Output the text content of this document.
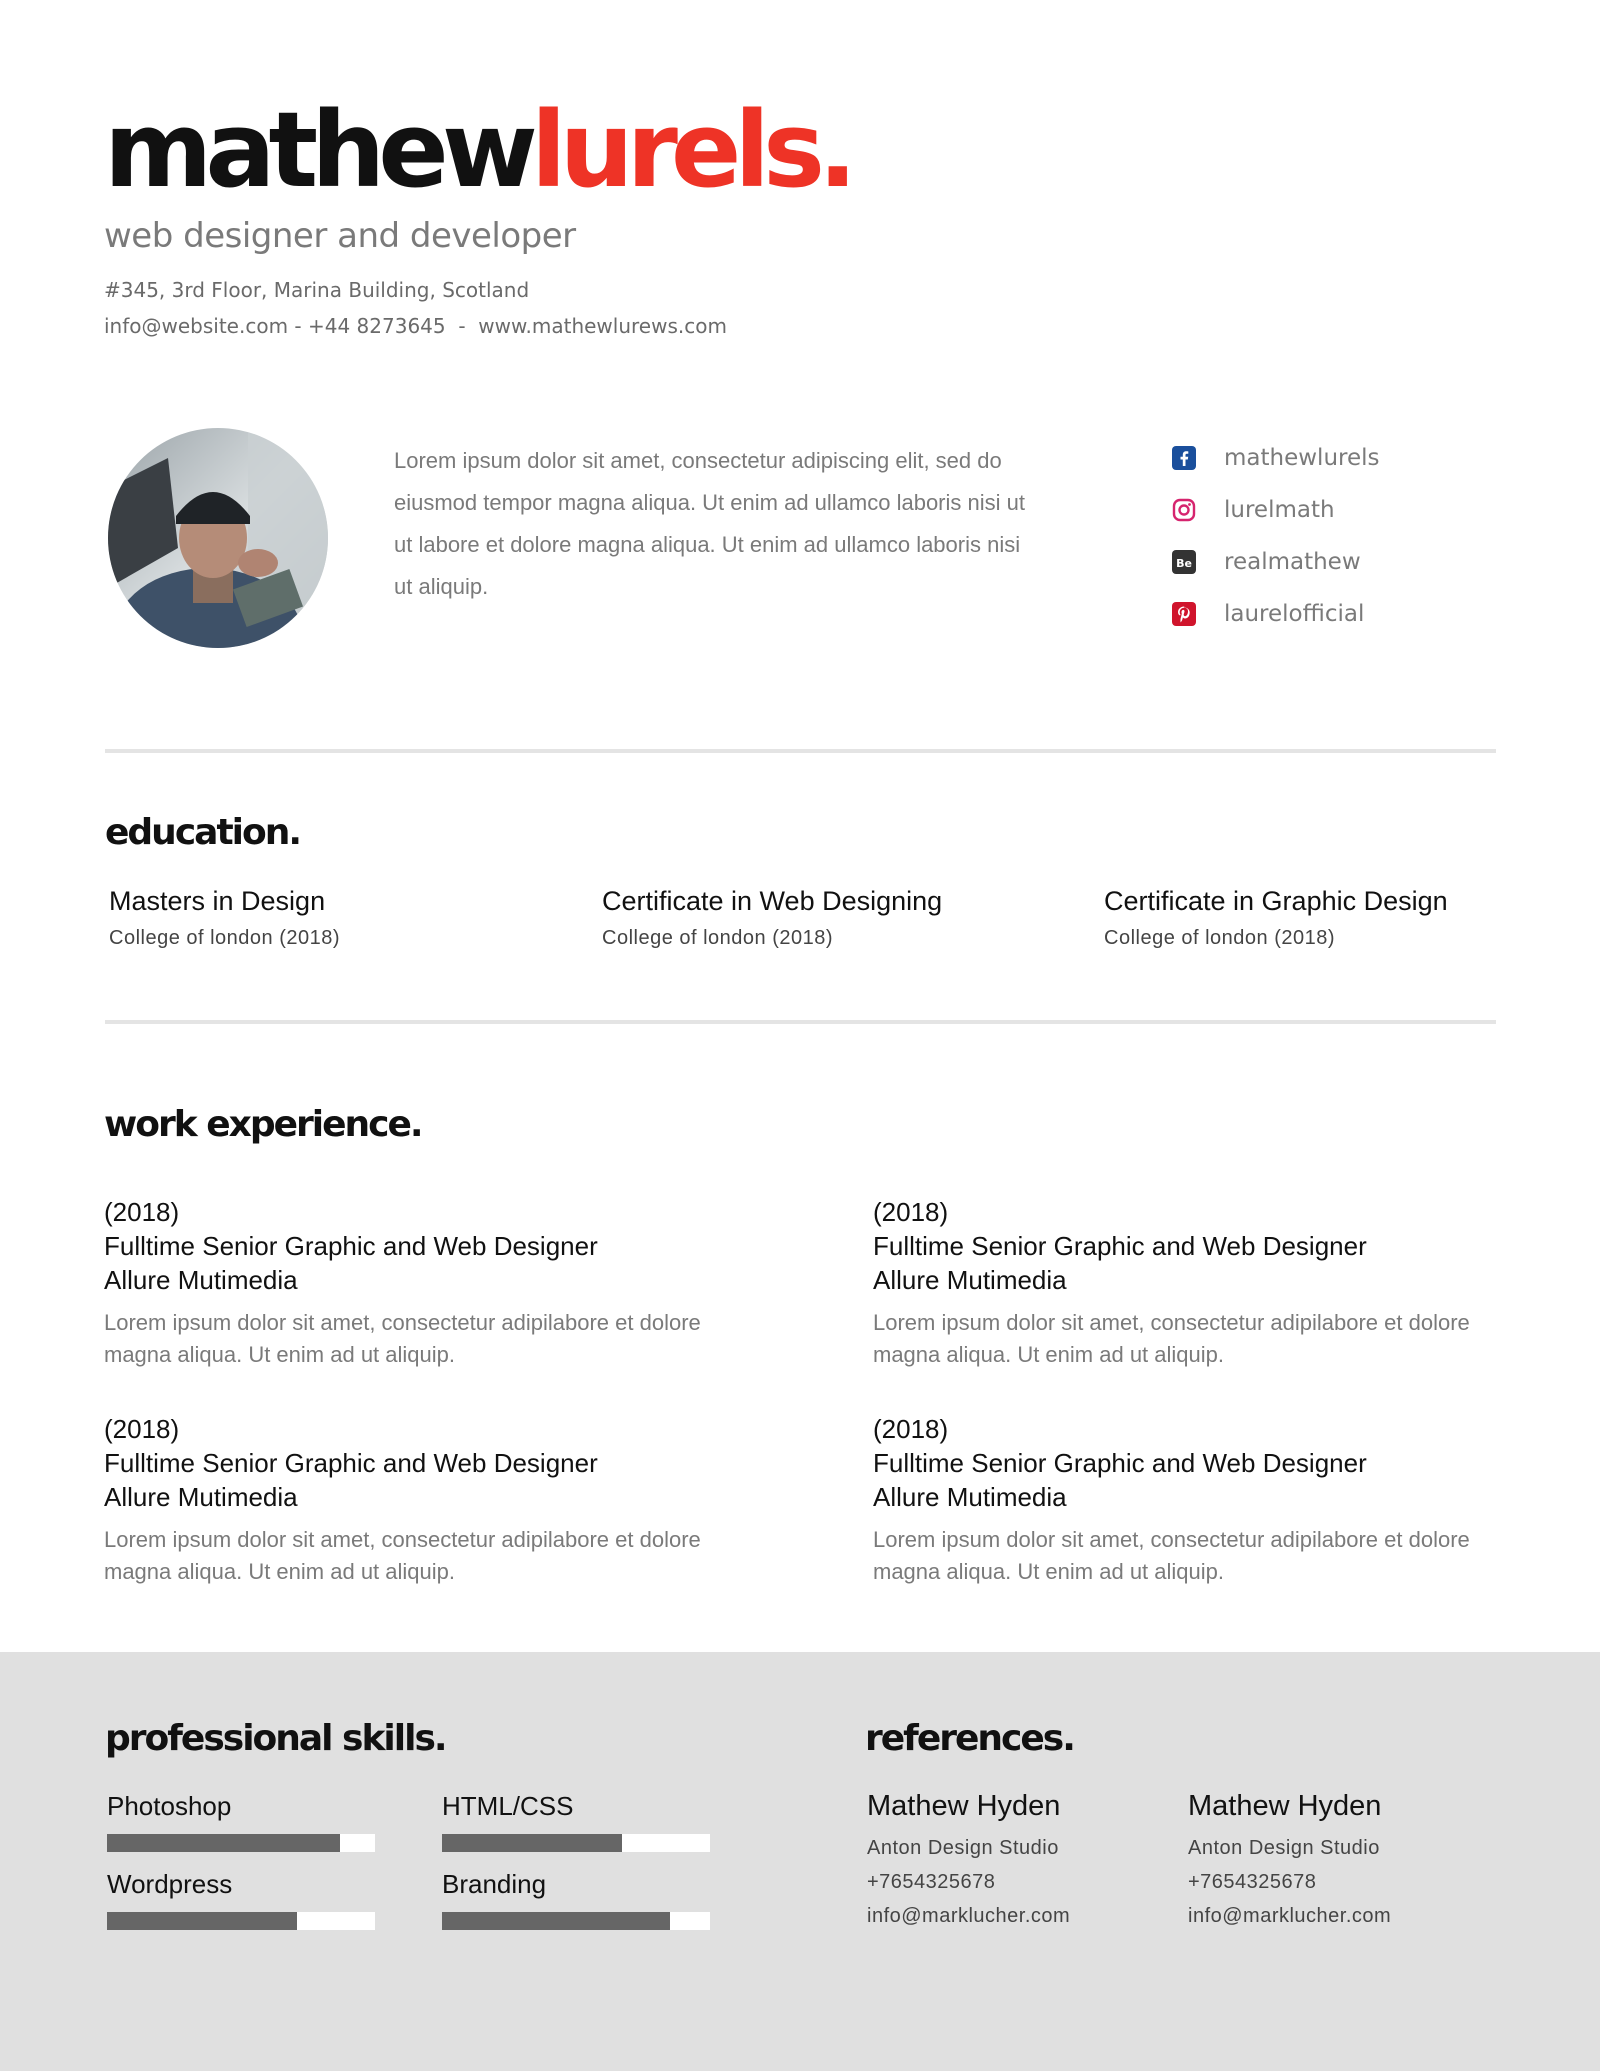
mathewlurels.
web designer and developer
#345, 3rd Floor, Marina Building, Scotland
info@website.com - +44 8273645  -  www.mathewlurews.com
Lorem ipsum dolor sit amet, consectetur adipiscing elit, sed do eiusmod tempor magna aliqua. Ut enim ad ullamco laboris nisi ut ut labore et dolore magna aliqua. Ut enim ad ullamco laboris nisi ut aliquip.
mathewlurels
lurelmath
Be realmathew
laurelofficial
education.
Masters in Design
College of london (2018)
Certificate in Web Designing
College of london (2018)
Certificate in Graphic Design
College of london (2018)
work experience.
(2018)
Fulltime Senior Graphic and Web Designer
Allure Mutimedia
Lorem ipsum dolor sit amet, consectetur adipilabore et dolore magna aliqua. Ut enim ad ut aliquip.
(2018)
Fulltime Senior Graphic and Web Designer
Allure Mutimedia
Lorem ipsum dolor sit amet, consectetur adipilabore et dolore magna aliqua. Ut enim ad ut aliquip.
(2018)
Fulltime Senior Graphic and Web Designer
Allure Mutimedia
Lorem ipsum dolor sit amet, consectetur adipilabore et dolore magna aliqua. Ut enim ad ut aliquip.
(2018)
Fulltime Senior Graphic and Web Designer
Allure Mutimedia
Lorem ipsum dolor sit amet, consectetur adipilabore et dolore magna aliqua. Ut enim ad ut aliquip.
professional skills.
Photoshop	HTML/CSS
Wordpress	Branding
references.
Mathew Hyden
Anton Design Studio
+7654325678
info@marklucher.com
Mathew Hyden
Anton Design Studio
+7654325678
info@marklucher.com
